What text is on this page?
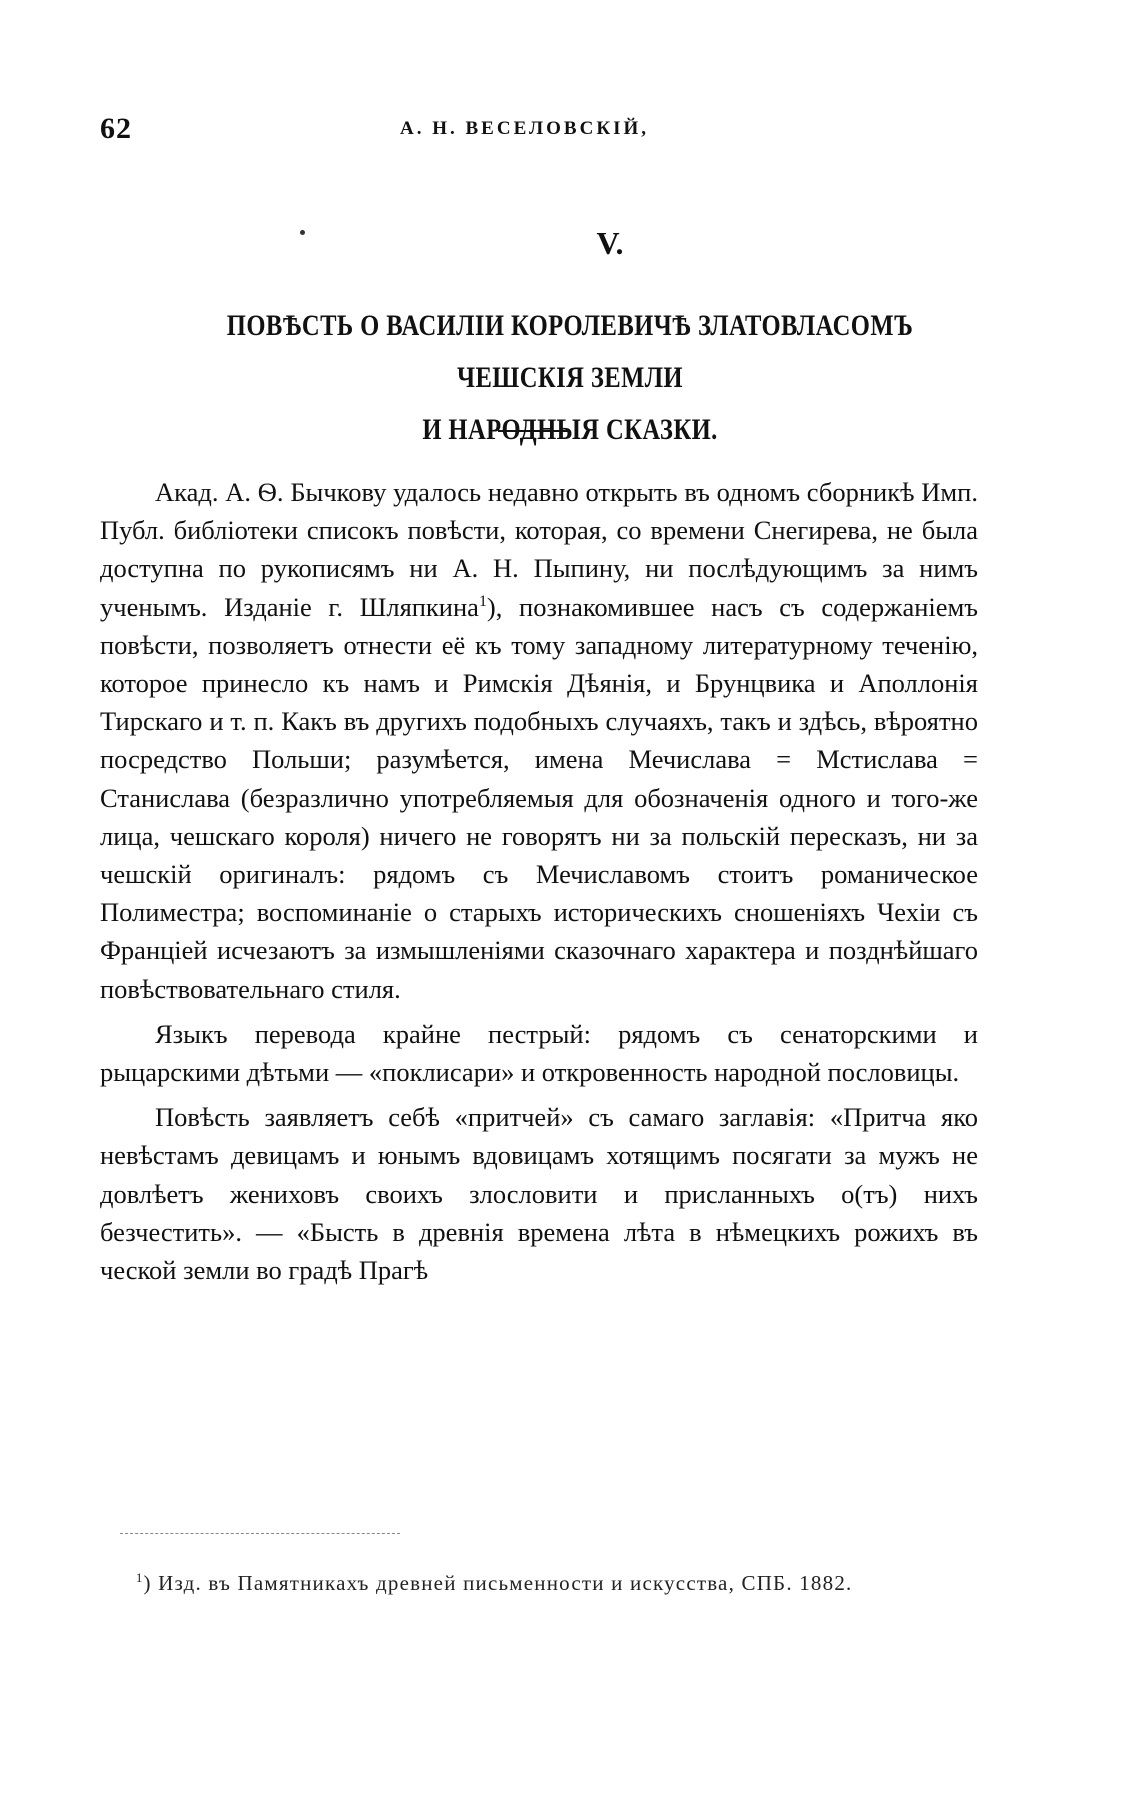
62	А. Н. ВЕСЕЛОВСКІЙ,
V.
ПОВѢСТЬ О ВАСИЛІИ КОРОЛЕВИЧѢ ЗЛАТОВЛАСОМЪ ЧЕШСКІЯ ЗЕМЛИ
И НАРОДНЫЯ СКАЗКИ.

Акад. А. Ѳ. Бычкову удалось недавно открыть въ одномъ сборникѣ Имп. Публ. библіотеки списокъ повѣсти, которая, со времени Снегирева, не была доступна по рукописямъ ни А. Н. Пыпину, ни послѣдующимъ за нимъ ученымъ. Изданіе г. Шляпкина$^1$), познакомившее насъ съ содержаніемъ повѣсти, позволяетъ отнести её къ тому западному литературному теченію, которое принесло къ намъ и Римскія Дѣянія, и Брунцвика и Аполлонія Тирскаго и т. п. Какъ въ другихъ подобныхъ случаяхъ, такъ и здѣсь, вѣроятно посредство Польши; разумѣется, имена Мечислава = Мстислава = Станислава (безразлично употребляемыя для обозначенія одного и того-же лица, чешскаго короля) ничего не говорятъ ни за польскій пересказъ, ни за чешскій оригиналъ: рядомъ съ Мечиславомъ стоитъ романическое Полиместра; воспоминаніе о старыхъ историческихъ сношеніяхъ Чехіи съ Франціей исчезаютъ за измышленіями сказочнаго характера и позднѣйшаго повѣствовательнаго стиля.

Языкъ перевода крайне пестрый: рядомъ съ сенаторскими и рыцарскими дѣтьми — «поклисари» и откровенность народной пословицы.

Повѣсть заявляетъ себѣ «притчей» съ самаго заглавія: «Притча яко невѣстамъ девицамъ и юнымъ вдовицамъ хотящимъ посягати за мужъ не довлѣетъ жениховъ своихъ злословити и присланныхъ о(тъ) нихъ безчестить». — «Бысть в древнія времена лѣта в нѣмецкихъ рожихъ въ ческой земли во градѣ Прагѣ

$^1$) Изд. въ Памятникахъ древней письменности и искусства, СПБ. 1882.
